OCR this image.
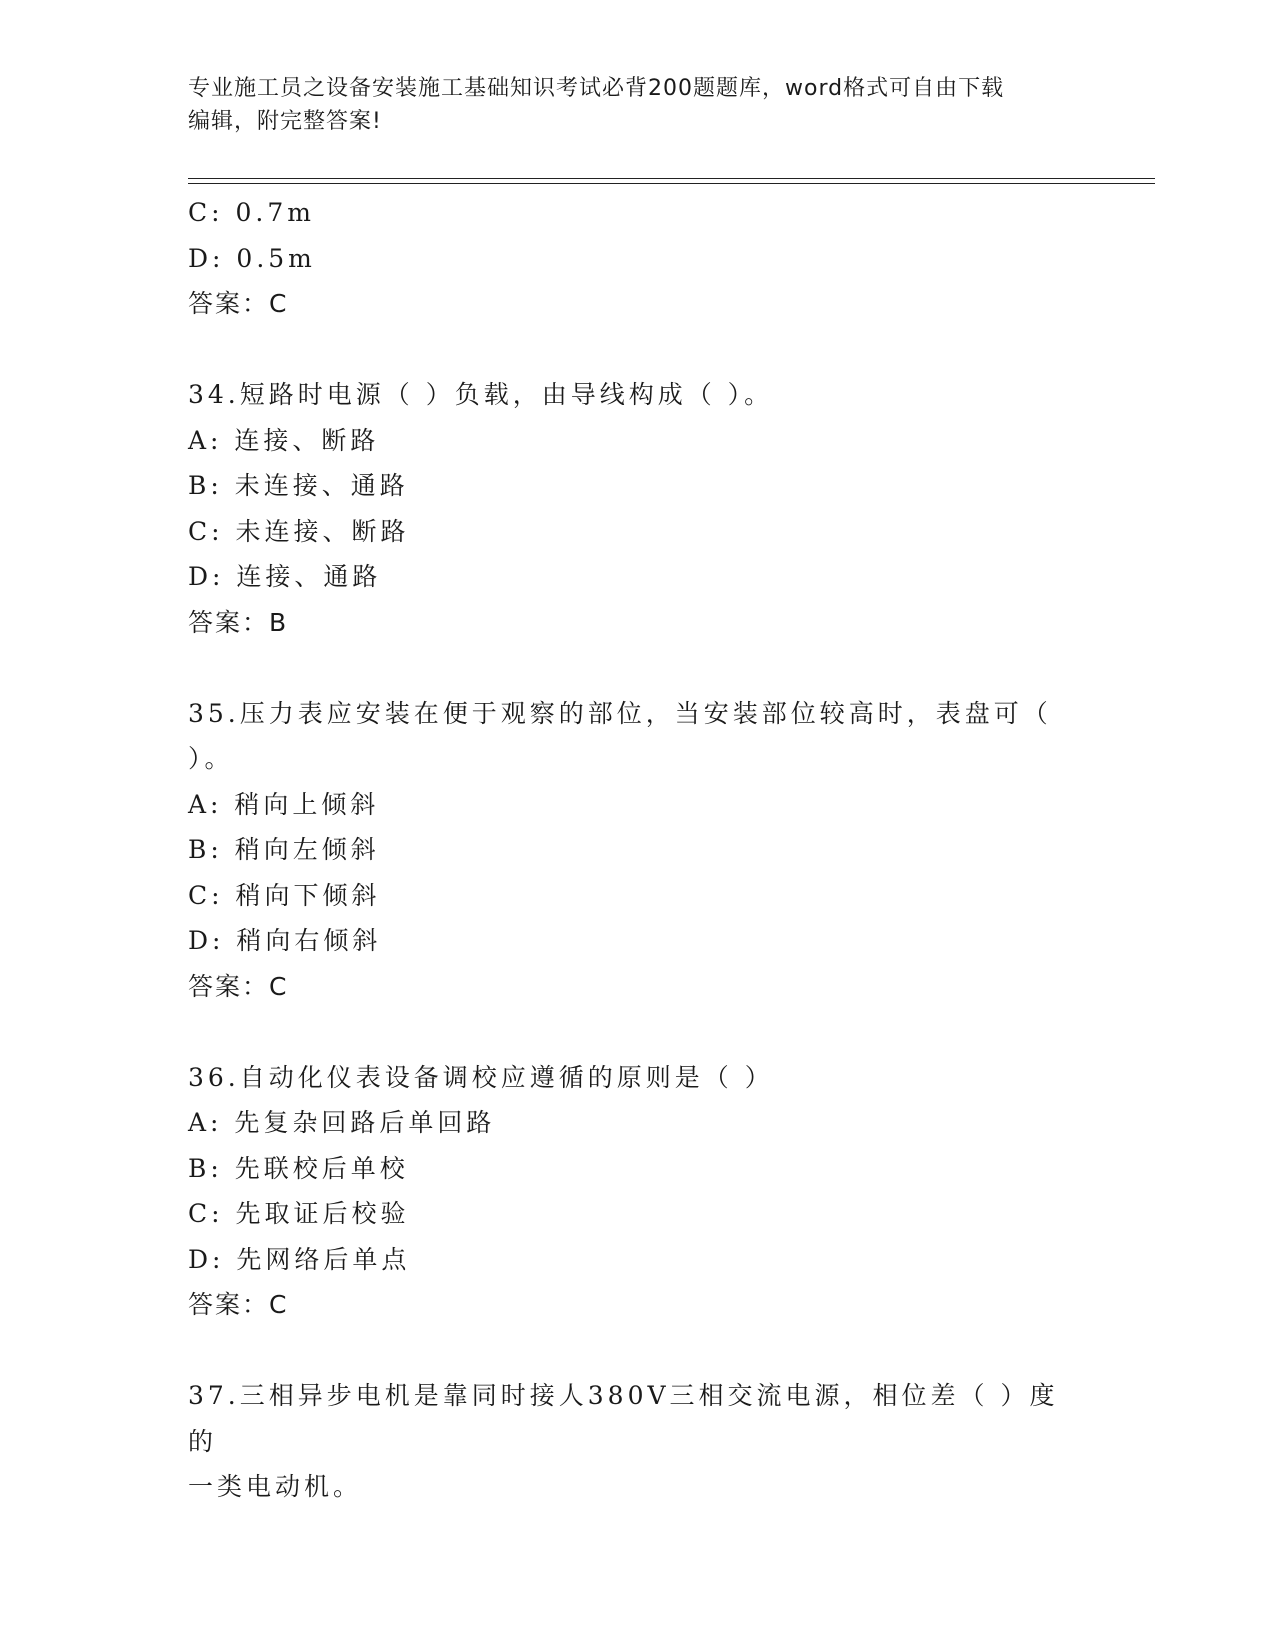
专业施工员之设备安装施工基础知识考试必背200题题库，word格式可自由下载
编辑，附完整答案!
C: 0.7m
D: 0.5m
答案：C
34.短路时电源（ ）负载，由导线构成（ ）。
A: 连接、断路
B: 未连接、通路
C: 未连接、断路
D: 连接、通路
答案：B
35.压力表应安装在便于观察的部位，当安装部位较高时，表盘可（
）。
A: 稍向上倾斜
B: 稍向左倾斜
C: 稍向下倾斜
D: 稍向右倾斜
答案：C
36.自动化仪表设备调校应遵循的原则是（ ）
A: 先复杂回路后单回路
B: 先联校后单校
C: 先取证后校验
D: 先网络后单点
答案：C
37.三相异步电机是靠同时接人380V三相交流电源，相位差（ ）度的
一类电动机。
